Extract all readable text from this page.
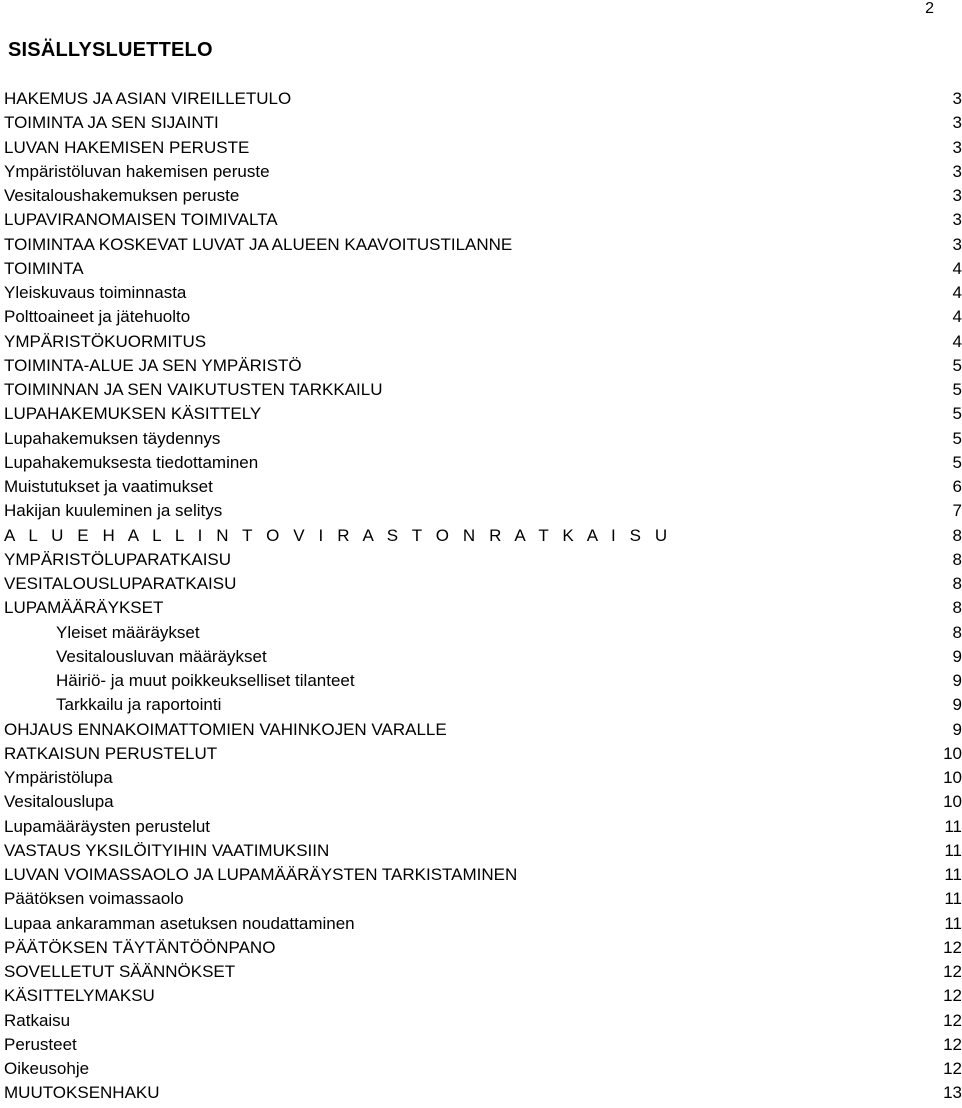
2
SISÄLLYSLUETTELO
HAKEMUS JA ASIAN VIREILLETULO	3
TOIMINTA JA SEN SIJAINTI	3
LUVAN HAKEMISEN PERUSTE	3
Ympäristöluvan hakemisen peruste	3
Vesitaloushakemuksen peruste	3
LUPAVIRANOMAISEN TOIMIVALTA	3
TOIMINTAA KOSKEVAT LUVAT JA ALUEEN KAAVOITUSTILANNE	3
TOIMINTA	4
Yleiskuvaus toiminnasta	4
Polttoaineet ja jätehuolto	4
YMPÄRISTÖKUORMITUS	4
TOIMINTA-ALUE JA SEN YMPÄRISTÖ	5
TOIMINNAN JA SEN VAIKUTUSTEN TARKKAILU	5
LUPAHAKEMUKSEN KÄSITTELY	5
Lupahakemuksen täydennys	5
Lupahakemuksesta tiedottaminen	5
Muistutukset ja vaatimukset	6
Hakijan kuuleminen ja selitys	7
A L U E H A L L I N T O V I R A S T O N R A T K A I S U	8
YMPÄRISTÖLUPARATKAISU	8
VESITALOUSLUPARATKAISU	8
LUPAMÄÄRÄYKSET	8
Yleiset määräykset	8
Vesitalousluvan määräykset	9
Häiriö- ja muut poikkeukselliset tilanteet	9
Tarkkailu ja raportointi	9
OHJAUS ENNAKOIMATTOMIEN VAHINKOJEN VARALLE	9
RATKAISUN PERUSTELUT	10
Ympäristölupa	10
Vesitalouslupa	10
Lupamääräysten perustelut	11
VASTAUS YKSILÖITYIHIN VAATIMUKSIIN	11
LUVAN VOIMASSAOLO JA LUPAMÄÄRÄYSTEN TARKISTAMINEN	11
Päätöksen voimassaolo	11
Lupaa ankaramman asetuksen noudattaminen	11
PÄÄTÖKSEN TÄYTÄNTÖÖNPANO	12
SOVELLETUT SÄÄNNÖKSET	12
KÄSITTELYMAKSU	12
Ratkaisu	12
Perusteet	12
Oikeusohje	12
MUUTOKSENHAKU	13
